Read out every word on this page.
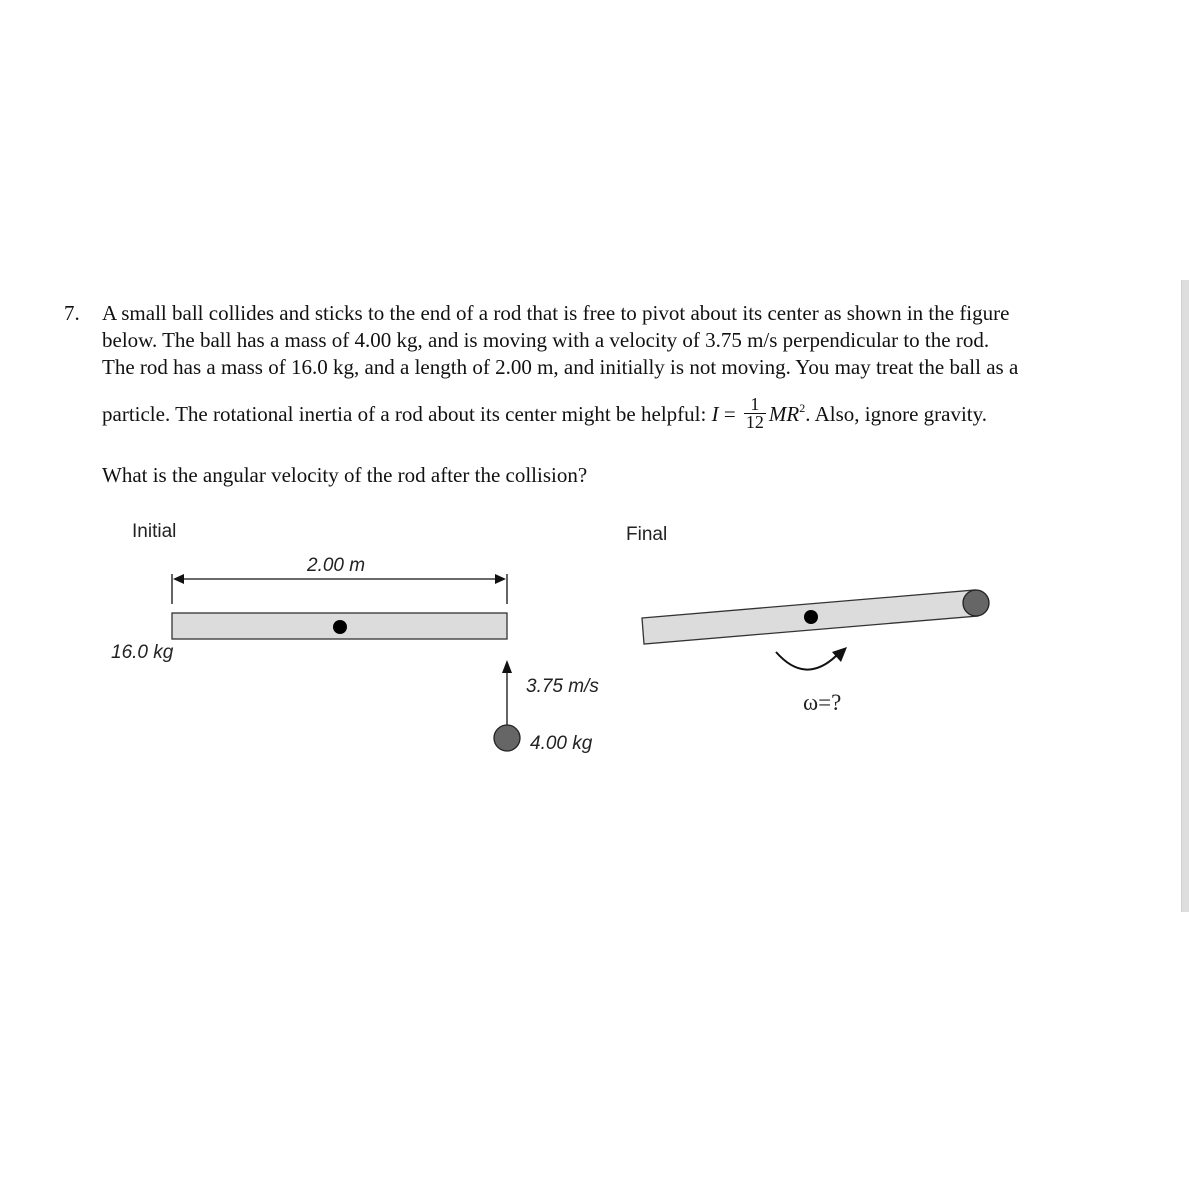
7. A small ball collides and sticks to the end of a rod that is free to pivot about its center as shown in the figure
below. The ball has a mass of 4.00 kg, and is moving with a velocity of 3.75 m/s perpendicular to the rod.
The rod has a mass of 16.0 kg, and a length of 2.00 m, and initially is not moving. You may treat the ball as a
particle. The rotational inertia of a rod about its center might be helpful: $I = \frac{1}{12} MR^2$. Also, ignore gravity.
What is the angular velocity of the rod after the collision?
Initial	Final
2.00 m
16.0 kg
3.75 m/s
4.00 kg
ω=?
